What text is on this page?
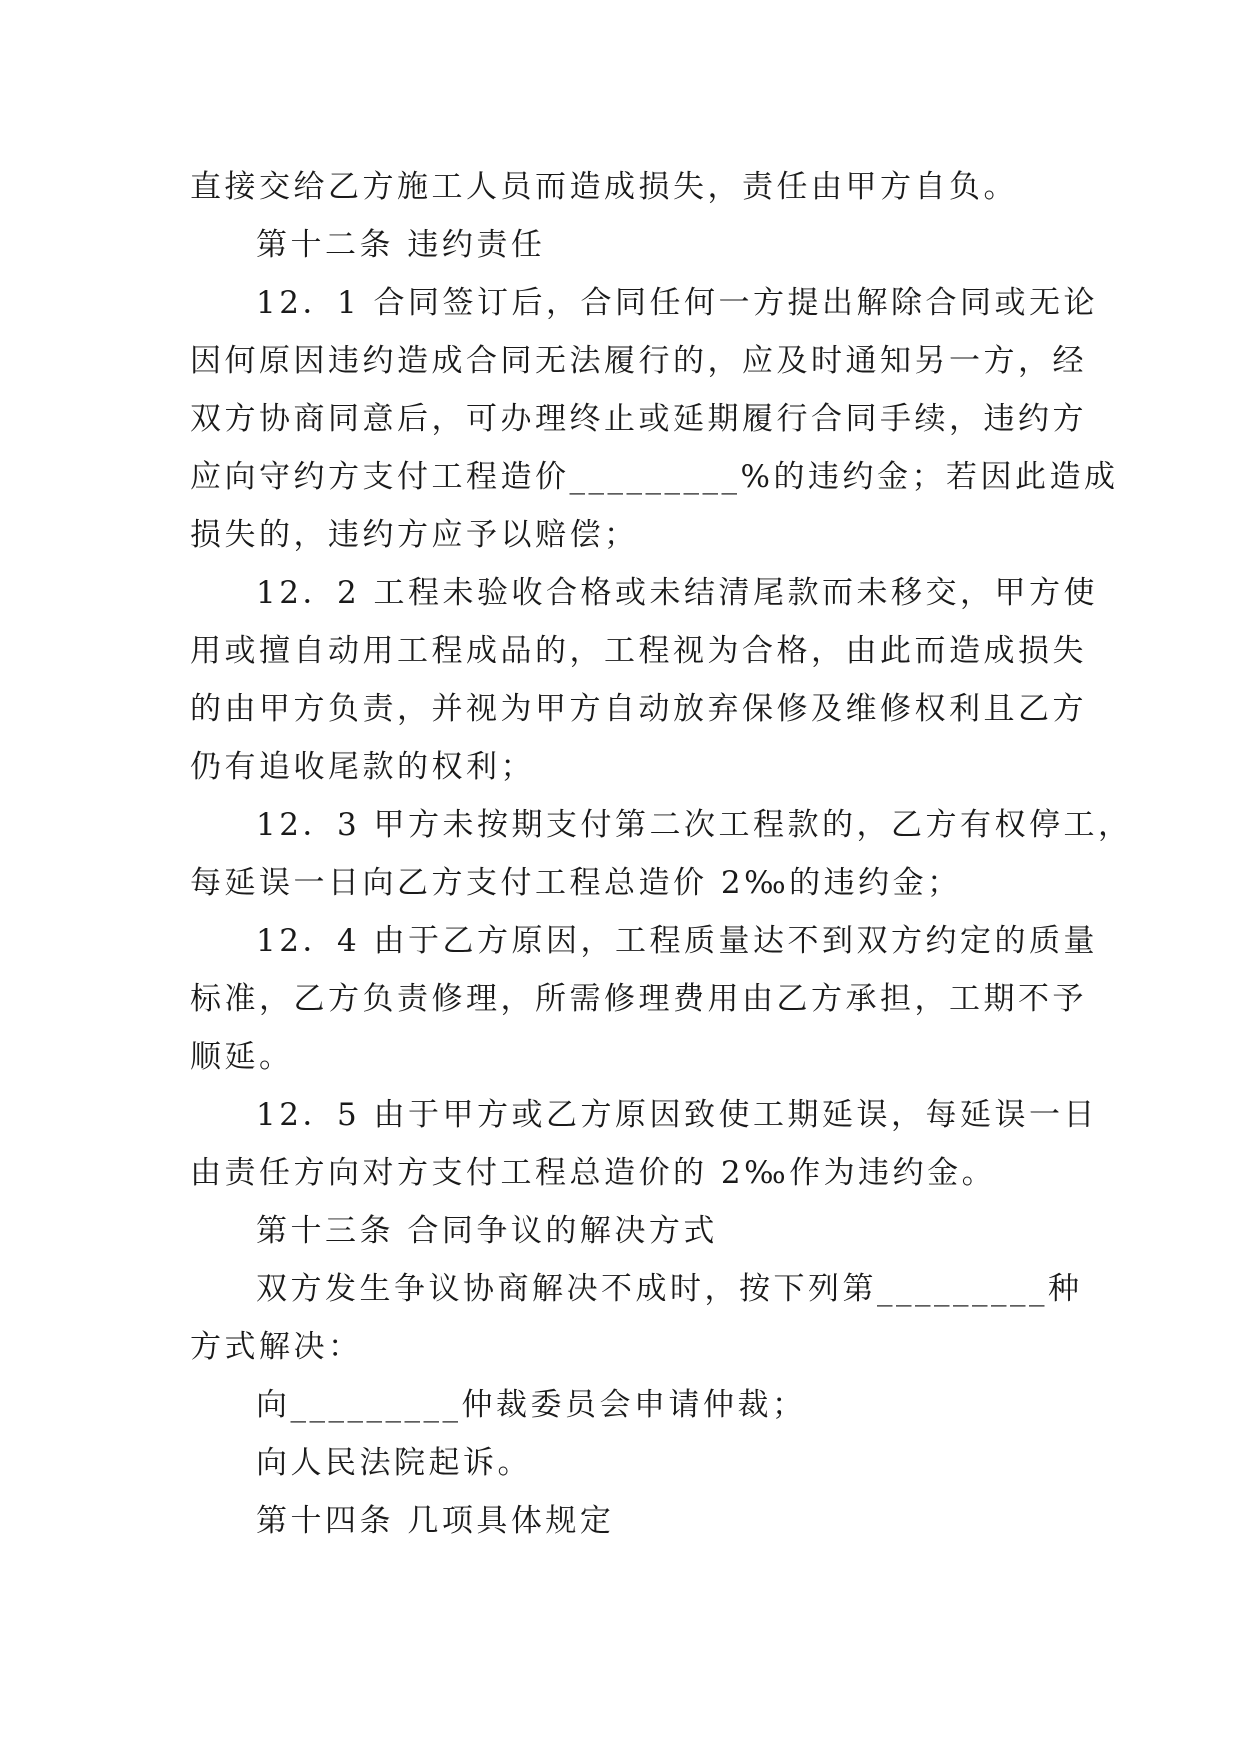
直接交给乙方施工人员而造成损失，责任由甲方自负。
第十二条 违约责任
12．1 合同签订后，合同任何一方提出解除合同或无论
因何原因违约造成合同无法履行的，应及时通知另一方，经
双方协商同意后，可办理终止或延期履行合同手续，违约方
应向守约方支付工程造价_________%的违约金；若因此造成
损失的，违约方应予以赔偿；
12．2 工程未验收合格或未结清尾款而未移交，甲方使
用或擅自动用工程成品的，工程视为合格，由此而造成损失
的由甲方负责，并视为甲方自动放弃保修及维修权利且乙方
仍有追收尾款的权利；
12．3 甲方未按期支付第二次工程款的，乙方有权停工，
每延误一日向乙方支付工程总造价 2‰的违约金；
12．4 由于乙方原因，工程质量达不到双方约定的质量
标准，乙方负责修理，所需修理费用由乙方承担，工期不予
顺延。
12．5 由于甲方或乙方原因致使工期延误，每延误一日
由责任方向对方支付工程总造价的 2‰作为违约金。
第十三条 合同争议的解决方式
双方发生争议协商解决不成时，按下列第_________种
方式解决：
向_________仲裁委员会申请仲裁；
向人民法院起诉。
第十四条 几项具体规定
